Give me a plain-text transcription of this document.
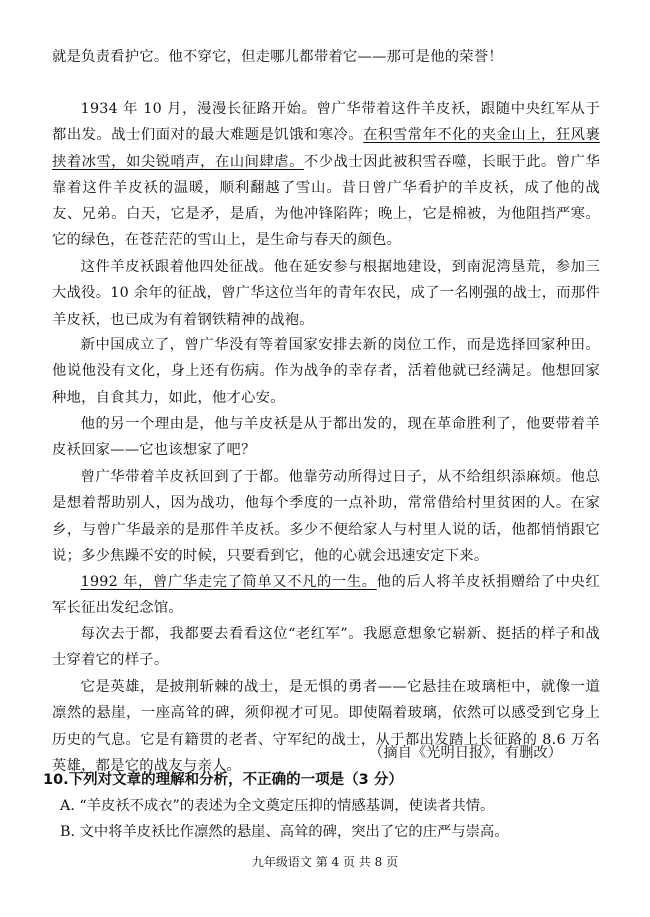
就是负责看护它。他不穿它，但走哪儿都带着它——那可是他的荣誉！

1934 年 10 月，漫漫长征路开始。曾广华带着这件羊皮袄，跟随中央红军从于都出发。战士们面对的最大难题是饥饿和寒冷。在积雪常年不化的夹金山上，狂风裹挟着冰雪，如尖锐哨声，在山间肆虐。不少战士因此被积雪吞噬，长眠于此。曾广华靠着这件羊皮袄的温暖，顺利翻越了雪山。昔日曾广华看护的羊皮袄，成了他的战友、兄弟。白天，它是矛，是盾，为他冲锋陷阵；晚上，它是棉被，为他阻挡严寒。它的绿色，在苍茫茫的雪山上，是生命与春天的颜色。

这件羊皮袄跟着他四处征战。他在延安参与根据地建设，到南泥湾垦荒，参加三大战役。10 余年的征战，曾广华这位当年的青年农民，成了一名刚强的战士，而那件羊皮袄，也已成为有着钢铁精神的战袍。

新中国成立了，曾广华没有等着国家安排去新的岗位工作，而是选择回家种田。他说他没有文化，身上还有伤病。作为战争的幸存者，活着他就已经满足。他想回家种地，自食其力，如此，他才心安。

他的另一个理由是，他与羊皮袄是从于都出发的，现在革命胜利了，他要带着羊皮袄回家——它也该想家了吧？

曾广华带着羊皮袄回到了于都。他靠劳动所得过日子，从不给组织添麻烦。他总是想着帮助别人，因为战功，他每个季度的一点补助，常常借给村里贫困的人。在家乡，与曾广华最亲的是那件羊皮袄。多少不便给家人与村里人说的话，他都悄悄跟它说；多少焦躁不安的时候，只要看到它，他的心就会迅速安定下来。

1992 年，曾广华走完了简单又不凡的一生。他的后人将羊皮袄捐赠给了中央红军长征出发纪念馆。

每次去于都，我都要去看看这位“老红军”。我愿意想象它崭新、挺括的样子和战士穿着它的样子。

它是英雄，是披荆斩棘的战士，是无惧的勇者——它悬挂在玻璃柜中，就像一道凛然的悬崖，一座高耸的碑，须仰视才可见。即使隔着玻璃，依然可以感受到它身上历史的气息。它是有籍贯的老者、守军纪的战士，从于都出发踏上长征路的 8.6 万名英雄，都是它的战友与亲人。

（摘自《光明日报》，有删改）

10.下列对文章的理解和分析，不正确的一项是（3 分）

A. “羊皮袄不成衣”的表述为全文奠定压抑的情感基调，使读者共情。

B. 文中将羊皮袄比作凛然的悬崖、高耸的碑，突出了它的庄严与崇高。

九年级语文 第 4 页 共 8 页
